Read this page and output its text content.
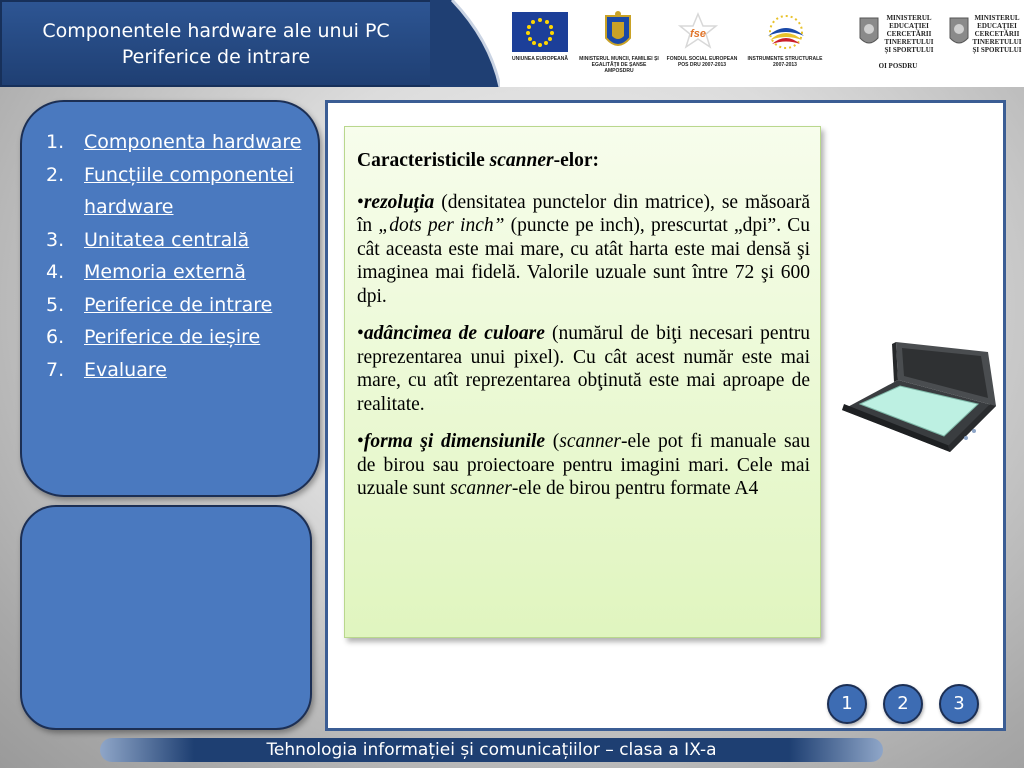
Componentele hardware ale unui PC
Periferice de intrare	UNIUNEA EUROPEANĂ	MINISTERUL MUNCII, FAMILIEI ȘI EGALITĂȚII DE ȘANSE AMPOSDRU
fse
FONDUL SOCIAL EUROPEAN POS DRU 2007-2013
INSTRUMENTE STRUCTURALE 2007-2013
MINISTERUL EDUCAȚIEI CERCETĂRII TINERETULUI ȘI SPORTULUI
OI POSDRU
MINISTERUL EDUCAȚIEI CERCETĂRII TINERETULUI ȘI SPORTULUI
1.	Componenta hardware
2.	Funcțiile componentei hardware
3.	Unitatea centrală
4.	Memoria externă
5.	Periferice de intrare
6.	Periferice de ieșire
7.	Evaluare
Caracteristicile scanner-elor:

•rezoluţia (densitatea punctelor din matrice), se măsoară în „dots per inch” (puncte pe inch), prescurtat „dpi”. Cu cât aceasta este mai mare, cu atât harta este mai densă şi imaginea mai fidelă. Valorile uzuale sunt între 72 şi 600 dpi.

•adâncimea de culoare (numărul de biţi necesari pentru reprezentarea unui pixel). Cu cât acest număr este mai mare, cu atît reprezentarea obţinută este mai aproape de realitate.

•forma şi dimensiunile (scanner-ele pot fi manuale sau de birou sau proiectoare pentru imagini mari. Cele mai uzuale sunt scanner-ele de birou pentru formate A4

1	2	3
Tehnologia informației și comunicațiilor – clasa a IX-a
